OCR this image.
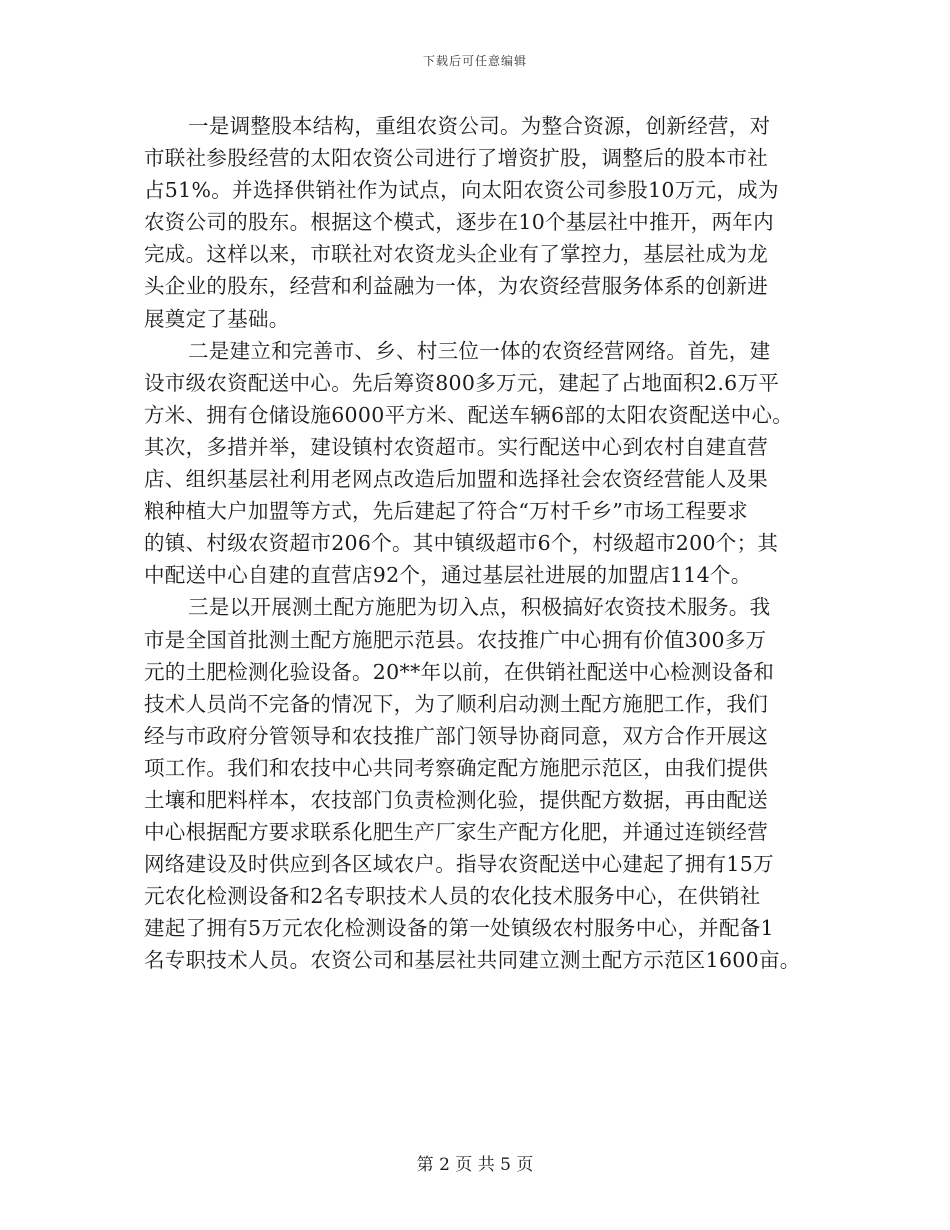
下载后可任意编辑
一是调整股本结构，重组农资公司。为整合资源，创新经营，对
市联社参股经营的太阳农资公司进行了增资扩股，调整后的股本市社
占51%。并选择供销社作为试点，向太阳农资公司参股10万元，成为
农资公司的股东。根据这个模式，逐步在10个基层社中推开，两年内
完成。这样以来，市联社对农资龙头企业有了掌控力，基层社成为龙
头企业的股东，经营和利益融为一体，为农资经营服务体系的创新进
展奠定了基础。
二是建立和完善市、乡、村三位一体的农资经营网络。首先，建
设市级农资配送中心。先后筹资800多万元，建起了占地面积2.6万平
方米、拥有仓储设施6000平方米、配送车辆6部的太阳农资配送中心。
其次，多措并举，建设镇村农资超市。实行配送中心到农村自建直营
店、组织基层社利用老网点改造后加盟和选择社会农资经营能人及果
粮种植大户加盟等方式，先后建起了符合“万村千乡”市场工程要求
的镇、村级农资超市206个。其中镇级超市6个，村级超市200个；其
中配送中心自建的直营店92个，通过基层社进展的加盟店114个。
三是以开展测土配方施肥为切入点，积极搞好农资技术服务。我
市是全国首批测土配方施肥示范县。农技推广中心拥有价值300多万
元的土肥检测化验设备。20**年以前，在供销社配送中心检测设备和
技术人员尚不完备的情况下，为了顺利启动测土配方施肥工作，我们
经与市政府分管领导和农技推广部门领导协商同意，双方合作开展这
项工作。我们和农技中心共同考察确定配方施肥示范区，由我们提供
土壤和肥料样本，农技部门负责检测化验，提供配方数据，再由配送
中心根据配方要求联系化肥生产厂家生产配方化肥，并通过连锁经营
网络建设及时供应到各区域农户。指导农资配送中心建起了拥有15万
元农化检测设备和2名专职技术人员的农化技术服务中心，在供销社
建起了拥有5万元农化检测设备的第一处镇级农村服务中心，并配备1
名专职技术人员。农资公司和基层社共同建立测土配方示范区1600亩。
第 2 页 共 5 页
